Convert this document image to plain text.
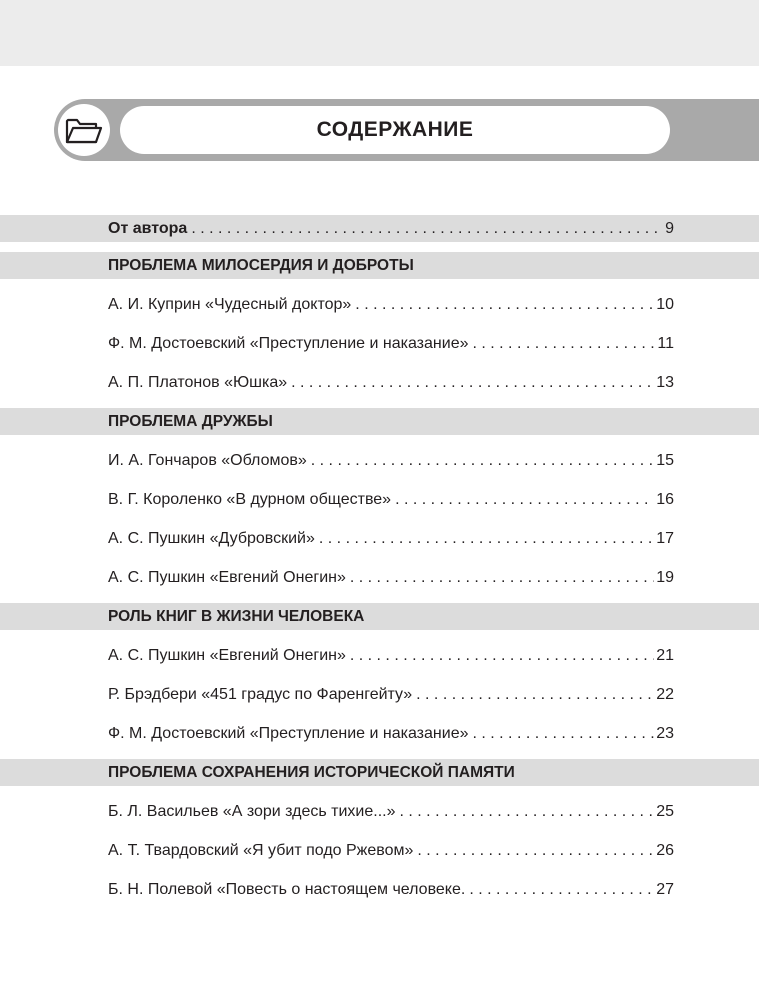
СОДЕРЖАНИЕ
От автора . . .	9
ПРОБЛЕМА МИЛОСЕРДИЯ И ДОБРОТЫ
А. И. Куприн «Чудесный доктор» . . .	10
Ф. М. Достоевский «Преступление и наказание» . . .	11
А. П. Платонов «Юшка» . . .	13
ПРОБЛЕМА ДРУЖБЫ
И. А. Гончаров «Обломов» . . .	15
В. Г. Короленко «В дурном обществе» . . .	16
А. С. Пушкин «Дубровский» . . .	17
А. С. Пушкин «Евгений Онегин» . . .	19
РОЛЬ КНИГ В ЖИЗНИ ЧЕЛОВЕКА
А. С. Пушкин «Евгений Онегин» . . .	21
Р. Брэдбери «451 градус по Фаренгейту» . . .	22
Ф. М. Достоевский «Преступление и наказание» . . .	23
ПРОБЛЕМА СОХРАНЕНИЯ ИСТОРИЧЕСКОЙ ПАМЯТИ
Б. Л. Васильев «А зори здесь тихие...» . . .	25
А. Т. Твардовский «Я убит подо Ржевом» . . .	26
Б. Н. Полевой «Повесть о настоящем человеке. . . .	27
